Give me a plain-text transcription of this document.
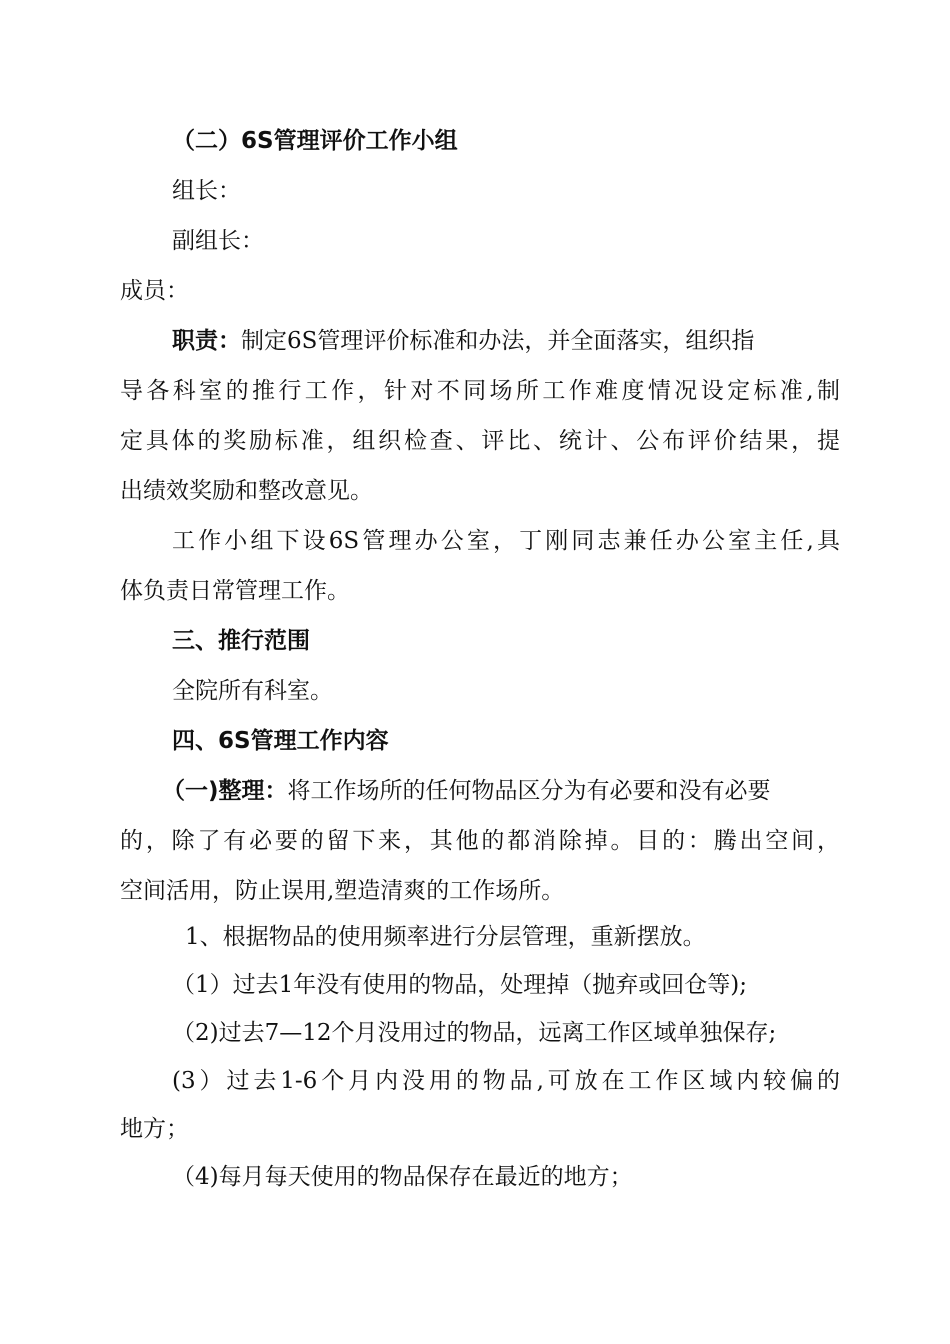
（二）6S管理评价工作小组
组长：
副组长：
成员：
职责：制定6S管理评价标准和办法，并全面落实，组织指
导各科室的推行工作，针对不同场所工作难度情况设定标准,制
定具体的奖励标准，组织检查、评比、统计、公布评价结果，提
出绩效奖励和整改意见。
工作小组下设6S管理办公室，丁刚同志兼任办公室主任,具
体负责日常管理工作。
三、推行范围
全院所有科室。
四、6S管理工作内容
（一)整理：将工作场所的任何物品区分为有必要和没有必要
的，除了有必要的留下来，其他的都消除掉。目的：腾出空间，
空间活用，防止误用,塑造清爽的工作场所。
1、根据物品的使用频率进行分层管理，重新摆放。
（1）过去1年没有使用的物品，处理掉（抛弃或回仓等);
（2)过去7—12个月没用过的物品，远离工作区域单独保存;
(3）过去1-6个月内没用的物品,可放在工作区域内较偏的
地方；
（4)每月每天使用的物品保存在最近的地方；
